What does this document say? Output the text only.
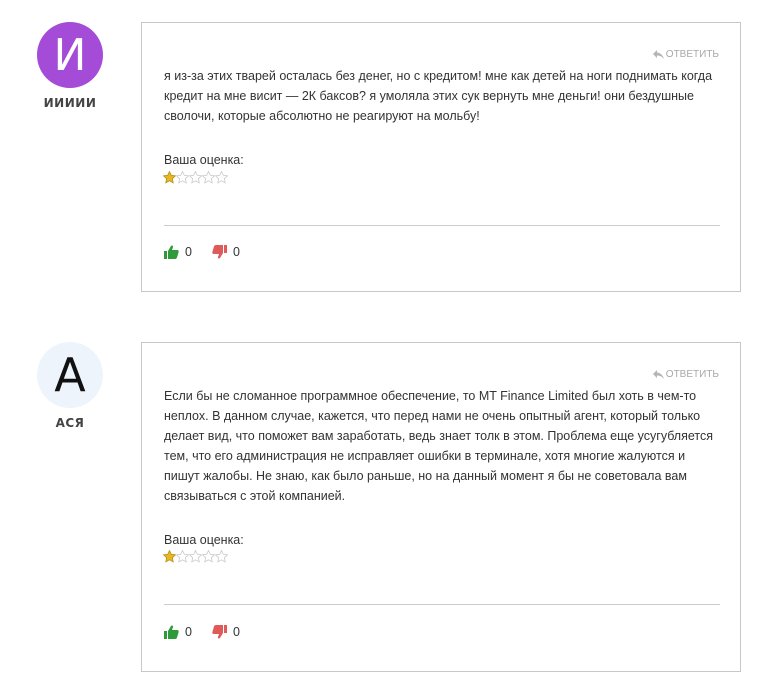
И
ИИИИИ
ОТВЕТИТЬ
я из-за этих тварей осталась без денег, но с кредитом! мне как детей на ноги поднимать когда кредит на мне висит — 2К баксов? я умоляла этих сук вернуть мне деньги! они бездушные сволочи, которые абсолютно не реагируют на мольбу!
Ваша оценка:
0	0
А
АСЯ
ОТВЕТИТЬ
Если бы не сломанное программное обеспечение, то MT Finance Limited был хоть в чем-то неплох. В данном случае, кажется, что перед нами не очень опытный агент, который только делает вид, что поможет вам заработать, ведь знает толк в этом. Проблема еще усугубляется тем, что его администрация не исправляет ошибки в терминале, хотя многие жалуются и пишут жалобы. Не знаю, как было раньше, но на данный момент я бы не советовала вам связываться с этой компанией.
Ваша оценка:
0	0
